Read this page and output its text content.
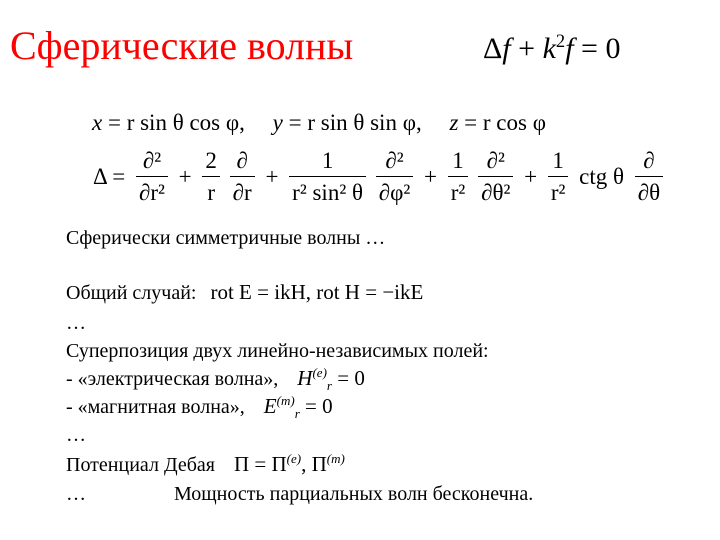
Сферические волны	$\Delta f + k^2f = 0$
x = r sin θ cos φ, y = r sin θ sin φ, z = r cos φ
$\Delta = \frac{\text{∂²}}{\text{∂r²}} + \frac{2}{r}$
$\frac{\partial}{\partial r} + \frac{1}{\text{r² sin² θ}}$
$\frac{\text{∂²}}{\text{∂φ²}} + \frac{1}{\text{r²}}$
$\frac{\text{∂²}}{\text{∂θ²}} + \frac{1}{\text{r²}}$ ctg θ $\frac{\partial}{\partial\theta}$
Сферически симметричные волны …
Общий случай: rot E = ikH, rot H = −ikE
…
Суперпозиция двух линейно-независимых полей:
- «электрическая волна», $H^{(e)}_r = 0$
- «магнитная волна», $E^{(m)}_r = 0$
…
Потенциал Дебая $\Pi = \Pi^{(e)}$, $\Pi^{(m)}$
…	Мощность парциальных волн бесконечна.
